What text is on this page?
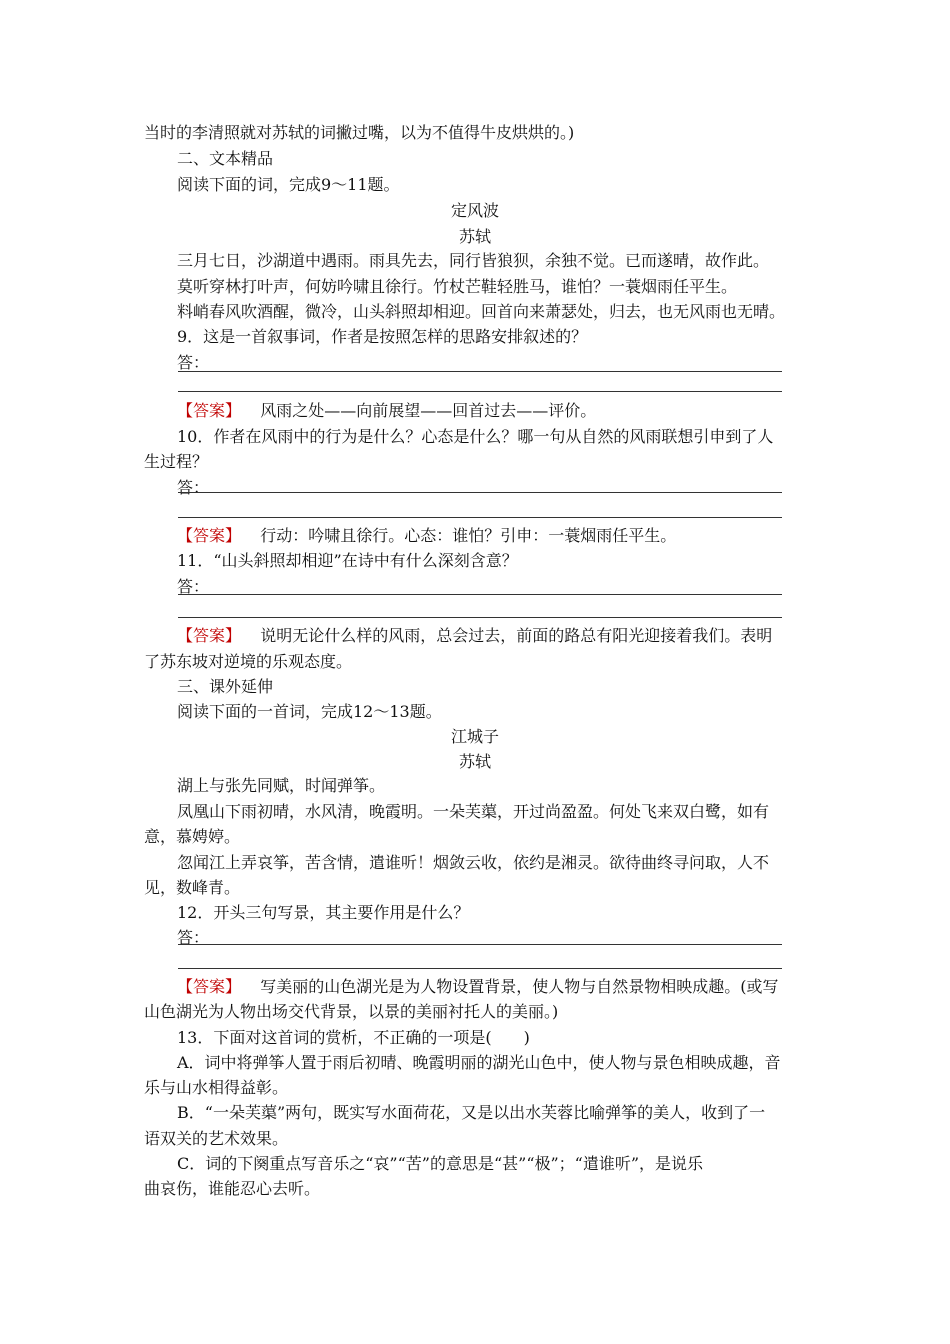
当时的李清照就对苏轼的词撇过嘴，以为不值得牛皮烘烘的。)
二、文本精品
阅读下面的词，完成9～11题。
定风波
苏轼
三月七日，沙湖道中遇雨。雨具先去，同行皆狼狈，余独不觉。已而遂晴，故作此。
莫听穿林打叶声，何妨吟啸且徐行。竹杖芒鞋轻胜马，谁怕？一蓑烟雨任平生。
料峭春风吹酒醒，微冷，山头斜照却相迎。回首向来萧瑟处，归去，也无风雨也无晴。
9．这是一首叙事词，作者是按照怎样的思路安排叙述的？
答：
【答案】 风雨之处——向前展望——回首过去——评价。
10．作者在风雨中的行为是什么？心态是什么？哪一句从自然的风雨联想引申到了人
生过程？
答：
【答案】 行动：吟啸且徐行。心态：谁怕？引申：一蓑烟雨任平生。
11．“山头斜照却相迎”在诗中有什么深刻含意？
答：
【答案】 说明无论什么样的风雨，总会过去，前面的路总有阳光迎接着我们。表明
了苏东坡对逆境的乐观态度。
三、课外延伸
阅读下面的一首词，完成12～13题。
江城子
苏轼
湖上与张先同赋，时闻弹筝。
凤凰山下雨初晴，水风清，晚霞明。一朵芙蕖，开过尚盈盈。何处飞来双白鹭，如有
意，慕娉婷。
忽闻江上弄哀筝，苦含情，遣谁听！烟敛云收，依约是湘灵。欲待曲终寻问取，人不
见，数峰青。
12．开头三句写景，其主要作用是什么？
答：
【答案】 写美丽的山色湖光是为人物设置背景，使人物与自然景物相映成趣。(或写
山色湖光为人物出场交代背景，以景的美丽衬托人的美丽。)
13．下面对这首词的赏析，不正确的一项是(　　)
A．词中将弹筝人置于雨后初晴、晚霞明丽的湖光山色中，使人物与景色相映成趣，音
乐与山水相得益彰。
B．“一朵芙蕖”两句，既实写水面荷花，又是以出水芙蓉比喻弹筝的美人，收到了一
语双关的艺术效果。
C．词的下阕重点写音乐之“哀”“苦”的意思是“甚”“极”；“遣谁听”，是说乐
曲哀伤，谁能忍心去听。
